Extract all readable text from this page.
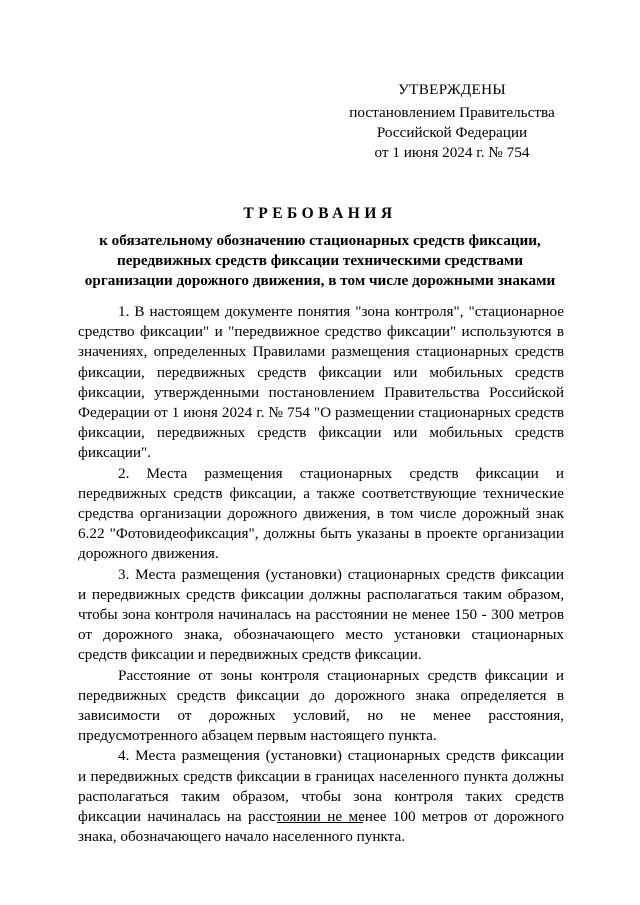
УТВЕРЖДЕНЫ
постановлением Правительства
Российской Федерации
от 1 июня 2024 г. № 754
ТРЕБОВАНИЯ
к обязательному обозначению стационарных средств фиксации,
передвижных средств фиксации техническими средствами
организации дорожного движения, в том числе дорожными знаками

1. В настоящем документе понятия "зона контроля", "стационарное средство фиксации" и "передвижное средство фиксации" используются в значениях, определенных Правилами размещения стационарных средств фиксации, передвижных средств фиксации или мобильных средств фиксации, утвержденными постановлением Правительства Российской Федерации от 1 июня 2024 г. № 754 "О размещении стационарных средств фиксации, передвижных средств фиксации или мобильных средств фиксации".

2. Места размещения стационарных средств фиксации и передвижных средств фиксации, а также соответствующие технические средства организации дорожного движения, в том числе дорожный знак 6.22 "Фотовидеофиксация", должны быть указаны в проекте организации дорожного движения.

3. Места размещения (установки) стационарных средств фиксации и передвижных средств фиксации должны располагаться таким образом, чтобы зона контроля начиналась на расстоянии не менее 150 - 300 метров от дорожного знака, обозначающего место установки стационарных средств фиксации и передвижных средств фиксации.

Расстояние от зоны контроля стационарных средств фиксации и передвижных средств фиксации до дорожного знака определяется в зависимости от дорожных условий, но не менее расстояния, предусмотренного абзацем первым настоящего пункта.

4. Места размещения (установки) стационарных средств фиксации и передвижных средств фиксации в границах населенного пункта должны располагаться таким образом, чтобы зона контроля таких средств фиксации начиналась на расстоянии не менее 100 метров от дорожного знака, обозначающего начало населенного пункта.
